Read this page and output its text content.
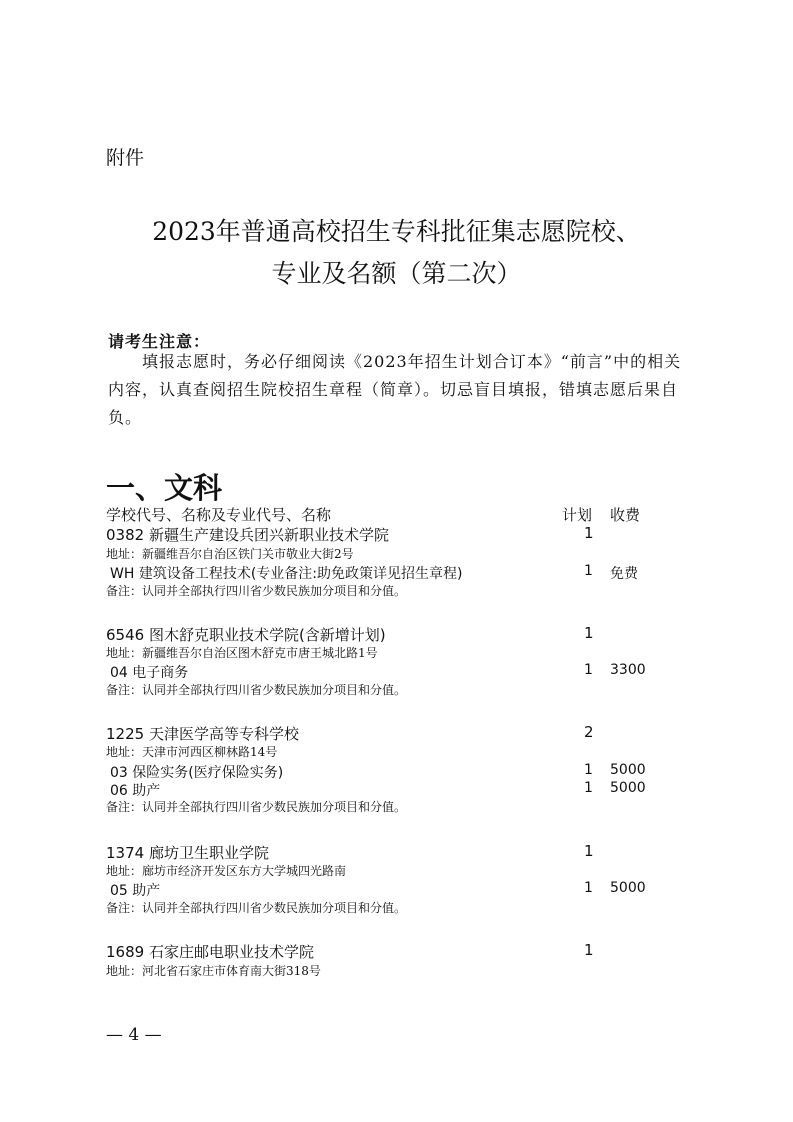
附件
2023年普通高校招生专科批征集志愿院校、
专业及名额（第二次）
请考生注意：
填报志愿时，务必仔细阅读《2023年招生计划合订本》“前言”中的相关内容，认真查阅招生院校招生章程（简章）。切忌盲目填报，错填志愿后果自负。
一、文科
学校代号、名称及专业代号、名称	计划 收费
0382 新疆生产建设兵团兴新职业技术学院	1
地址：新疆维吾尔自治区铁门关市敬业大街2号
WH 建筑设备工程技术(专业备注:助免政策详见招生章程)	1 免费
备注：认同并全部执行四川省少数民族加分项目和分值。
6546 图木舒克职业技术学院(含新增计划)	1
地址：新疆维吾尔自治区图木舒克市唐王城北路1号
04 电子商务	1 3300
备注：认同并全部执行四川省少数民族加分项目和分值。
1225 天津医学高等专科学校	2
地址：天津市河西区柳林路14号
03 保险实务(医疗保险实务)	1 5000
06 助产	1 5000
备注：认同并全部执行四川省少数民族加分项目和分值。
1374 廊坊卫生职业学院	1
地址：廊坊市经济开发区东方大学城四光路南
05 助产	1 5000
备注：认同并全部执行四川省少数民族加分项目和分值。
1689 石家庄邮电职业技术学院	1
地址：河北省石家庄市体育南大街318号
— 4 —
